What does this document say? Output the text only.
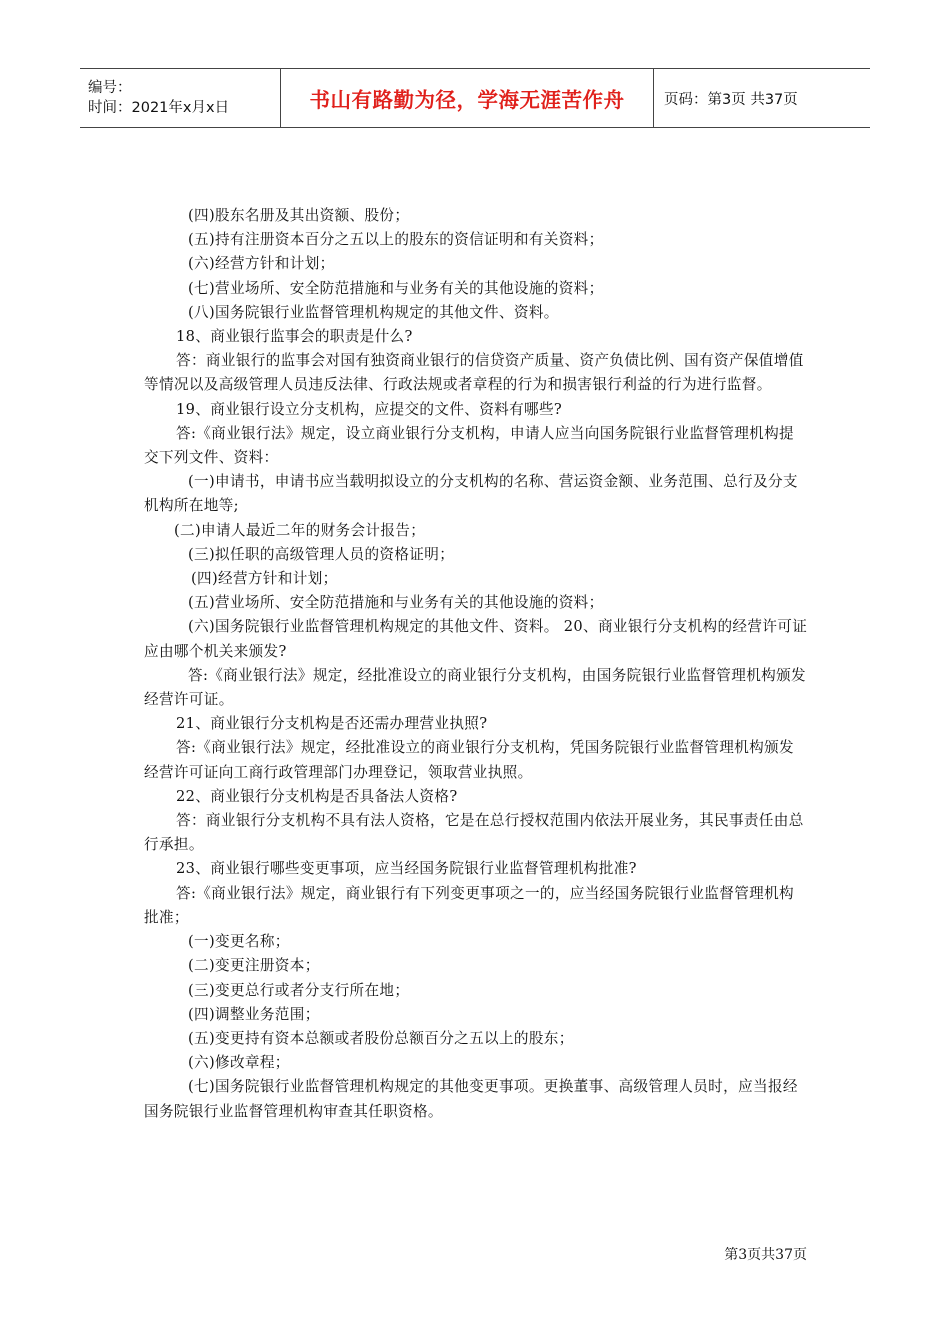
编号：
时间：2021年x月x日	书山有路勤为径，学海无涯苦作舟	页码：第3页 共37页

(四)股东名册及其出资额、股份；

(五)持有注册资本百分之五以上的股东的资信证明和有关资料；

(六)经营方针和计划；

(七)营业场所、安全防范措施和与业务有关的其他设施的资料；

(八)国务院银行业监督管理机构规定的其他文件、资料。

18、商业银行监事会的职责是什么?

答：商业银行的监事会对国有独资商业银行的信贷资产质量、资产负债比例、国有资产保值增值等情况以及高级管理人员违反法律、行政法规或者章程的行为和损害银行利益的行为进行监督。

19、商业银行设立分支机构，应提交的文件、资料有哪些?

答:《商业银行法》规定，设立商业银行分支机构，申请人应当向国务院银行业监督管理机构提交下列文件、资料：

(一)申请书，申请书应当载明拟设立的分支机构的名称、营运资金额、业务范围、总行及分支机构所在地等;

(二)申请人最近二年的财务会计报告；

(三)拟任职的高级管理人员的资格证明；

(四)经营方针和计划；

(五)营业场所、安全防范措施和与业务有关的其他设施的资料；

(六)国务院银行业监督管理机构规定的其他文件、资料。 20、商业银行分支机构的经营许可证应由哪个机关来颁发?

答:《商业银行法》规定，经批准设立的商业银行分支机构，由国务院银行业监督管理机构颁发经营许可证。

21、商业银行分支机构是否还需办理营业执照?

答:《商业银行法》规定，经批准设立的商业银行分支机构，凭国务院银行业监督管理机构颁发经营许可证向工商行政管理部门办理登记，领取营业执照。

22、商业银行分支机构是否具备法人资格?

答：商业银行分支机构不具有法人资格，它是在总行授权范围内依法开展业务，其民事责任由总行承担。

23、商业银行哪些变更事项，应当经国务院银行业监督管理机构批准?

答:《商业银行法》规定，商业银行有下列变更事项之一的，应当经国务院银行业监督管理机构批准；

(一)变更名称；

(二)变更注册资本；

(三)变更总行或者分支行所在地；

(四)调整业务范围；

(五)变更持有资本总额或者股份总额百分之五以上的股东；

(六)修改章程；

(七)国务院银行业监督管理机构规定的其他变更事项。更换董事、高级管理人员时，应当报经国务院银行业监督管理机构审查其任职资格。

第3页共37页
